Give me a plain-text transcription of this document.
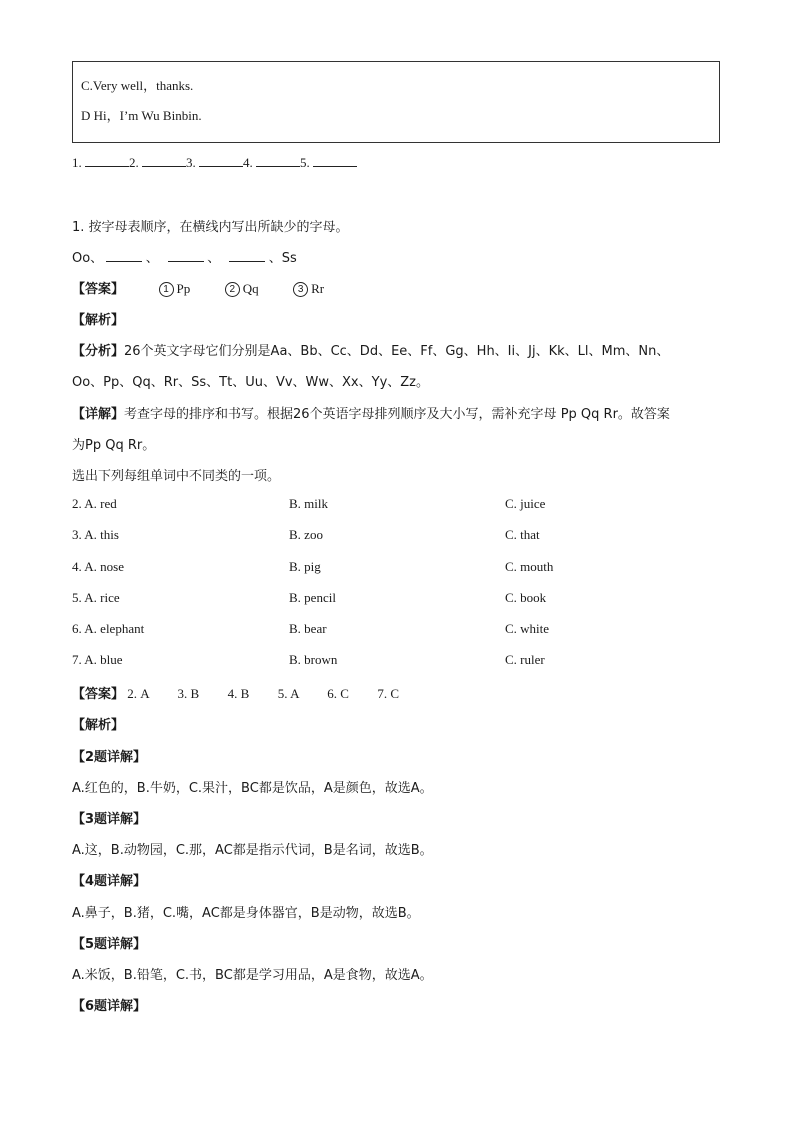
C.Very well，thanks.
D Hi，I’m Wu Binbin.
1.	2.	3.	4.	5.
1. 按字母表顺序，在横线内写出所缺少的字母。
Oo、	、	、	、Ss
【答案】	1 Pp	2 Qq	3 Rr
【解析】
【分析】26个英文字母它们分别是Aa、Bb、Cc、Dd、Ee、Ff、Gg、Hh、Ii、Jj、Kk、Ll、Mm、Nn、
Oo、Pp、Qq、Rr、Ss、Tt、Uu、Vv、Ww、Xx、Yy、Zz。
【详解】考查字母的排序和书写。根据26个英语字母排列顺序及大小写，需补充字母 Pp Qq Rr。故答案
为Pp Qq Rr。
选出下列每组单词中不同类的一项。
2. A. red	B. milk	C. juice
3. A. this	B. zoo	C. that
4. A. nose	B. pig	C. mouth
5. A. rice	B. pencil	C. book
6. A. elephant	B. bear	C. white
7. A. blue	B. brown	C. ruler
【答案】 2. A 3. B 4. B 5. A 6. C 7. C
【解析】
【2题详解】
A.红色的，B.牛奶，C.果汁，BC都是饮品，A是颜色，故选A。
【3题详解】
A.这，B.动物园，C.那，AC都是指示代词，B是名词，故选B。
【4题详解】
A.鼻子，B.猪，C.嘴，AC都是身体器官，B是动物，故选B。
【5题详解】
A.米饭，B.铅笔，C.书，BC都是学习用品，A是食物，故选A。
【6题详解】
